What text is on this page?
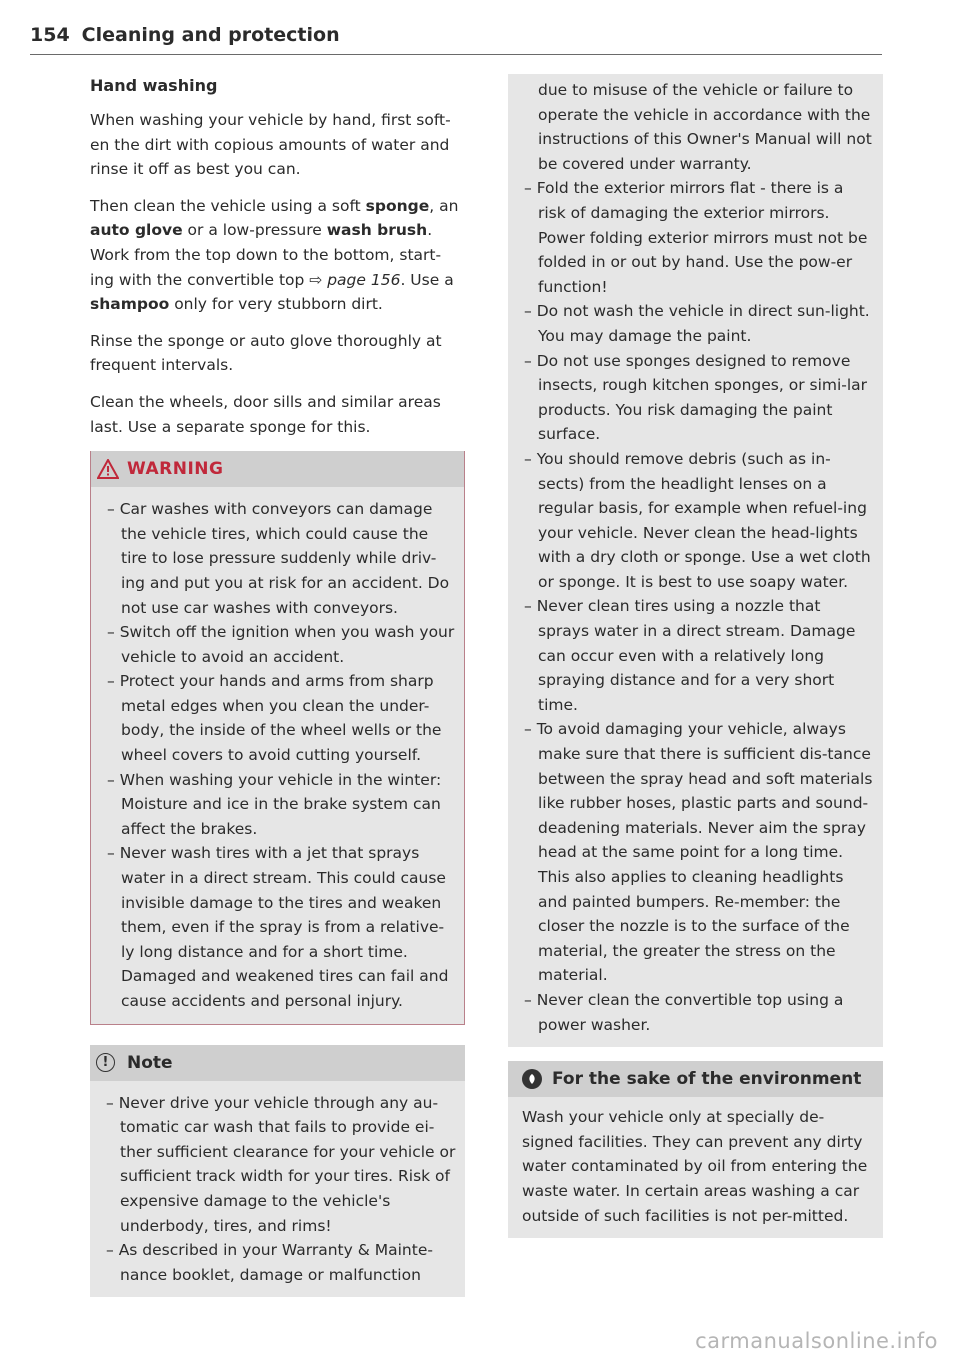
154 Cleaning and protection
Hand washing

When washing your vehicle by hand, first soft-en the dirt with copious amounts of water and rinse it off as best you can.

Then clean the vehicle using a soft sponge, an auto glove or a low-pressure wash brush. Work from the top down to the bottom, start-ing with the convertible top ⇨ page 156. Use a shampoo only for very stubborn dirt.

Rinse the sponge or auto glove thoroughly at frequent intervals.

Clean the wheels, door sills and similar areas last. Use a separate sponge for this.

WARNING
– Car washes with conveyors can damage the vehicle tires, which could cause the tire to lose pressure suddenly while driv-ing and put you at risk for an accident. Do not use car washes with conveyors.
– Switch off the ignition when you wash your vehicle to avoid an accident.
– Protect your hands and arms from sharp metal edges when you clean the under-body, the inside of the wheel wells or the wheel covers to avoid cutting yourself.
– When washing your vehicle in the winter: Moisture and ice in the brake system can affect the brakes.
– Never wash tires with a jet that sprays water in a direct stream. This could cause invisible damage to the tires and weaken them, even if the spray is from a relative-ly long distance and for a short time. Damaged and weakened tires can fail and cause accidents and personal injury.
!	Note
– Never drive your vehicle through any au-tomatic car wash that fails to provide ei-ther sufficient clearance for your vehicle or sufficient track width for your tires. Risk of expensive damage to the vehicle's underbody, tires, and rims!
– As described in your Warranty & Mainte-nance booklet, damage or malfunction
due to misuse of the vehicle or failure to operate the vehicle in accordance with the instructions of this Owner's Manual will not be covered under warranty.
– Fold the exterior mirrors flat - there is a risk of damaging the exterior mirrors. Power folding exterior mirrors must not be folded in or out by hand. Use the pow-er function!
– Do not wash the vehicle in direct sun-light. You may damage the paint.
– Do not use sponges designed to remove insects, rough kitchen sponges, or simi-lar products. You risk damaging the paint surface.
– You should remove debris (such as in-sects) from the headlight lenses on a regular basis, for example when refuel-ing your vehicle. Never clean the head-lights with a dry cloth or sponge. Use a wet cloth or sponge. It is best to use soapy water.
– Never clean tires using a nozzle that sprays water in a direct stream. Damage can occur even with a relatively long spraying distance and for a very short time.
– To avoid damaging your vehicle, always make sure that there is sufficient dis-tance between the spray head and soft materials like rubber hoses, plastic parts and sound-deadening materials. Never aim the spray head at the same point for a long time. This also applies to cleaning headlights and painted bumpers. Re-member: the closer the nozzle is to the surface of the material, the greater the stress on the material.
– Never clean the convertible top using a power washer.
For the sake of the environment

Wash your vehicle only at specially de-signed facilities. They can prevent any dirty water contaminated by oil from entering the waste water. In certain areas washing a car outside of such facilities is not per-mitted.

carmanualsonline.info
